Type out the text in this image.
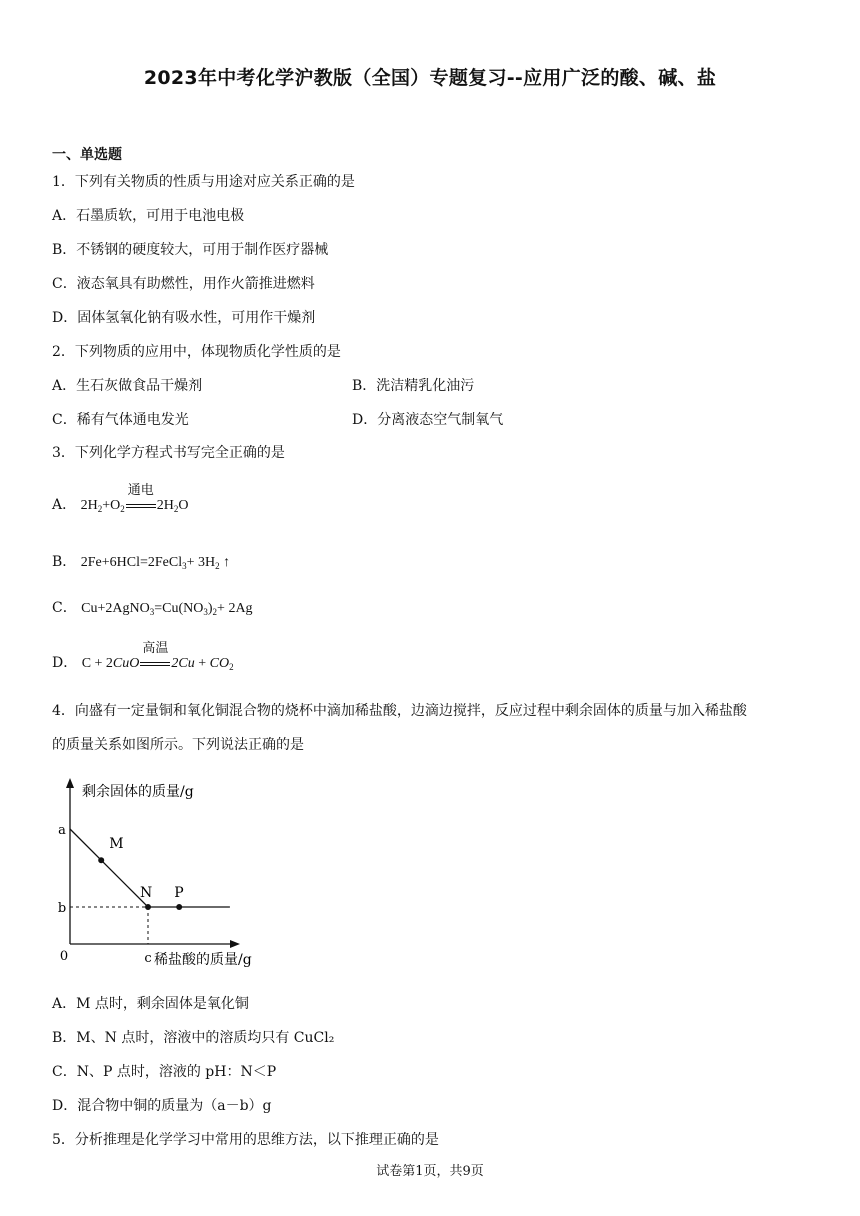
2023年中考化学沪教版（全国）专题复习--应用广泛的酸、碱、盐
一、单选题
1．下列有关物质的性质与用途对应关系正确的是
A．石墨质软，可用于电池电极
B．不锈钢的硬度较大，可用于制作医疗器械
C．液态氧具有助燃性，用作火箭推进燃料
D．固体氢氧化钠有吸水性，可用作干燥剂
2．下列物质的应用中，体现物质化学性质的是
A．生石灰做食品干燥剂	B．洗洁精乳化油污
C．稀有气体通电发光	D．分离液态空气制氧气
3．下列化学方程式书写完全正确的是
A． $2H_2+O_2$
通电
$2H_2O$
B． 2Fe+6HCl=2FeCl$_3$+ $3H_2$ ↑
C． $Cu+2AgNO_3=Cu(NO_3)_2+ 2Ag$
D． C + 2CuO
高温
$2Cu + CO_2$
4．向盛有一定量铜和氧化铜混合物的烧杯中滴加稀盐酸，边滴边搅拌，反应过程中剩余固体的质量与加入稀盐酸
的质量关系如图所示。下列说法正确的是
剩余固体的质量/g
稀盐酸的质量/g
0
a
b
c
M
N P
A．M 点时，剩余固体是氧化铜
B．M、N 点时，溶液中的溶质均只有 CuCl₂
C．N、P 点时，溶液的 pH：N＜P
D．混合物中铜的质量为（a－b）g
5．分析推理是化学学习中常用的思维方法，以下推理正确的是
试卷第1页，共9页
